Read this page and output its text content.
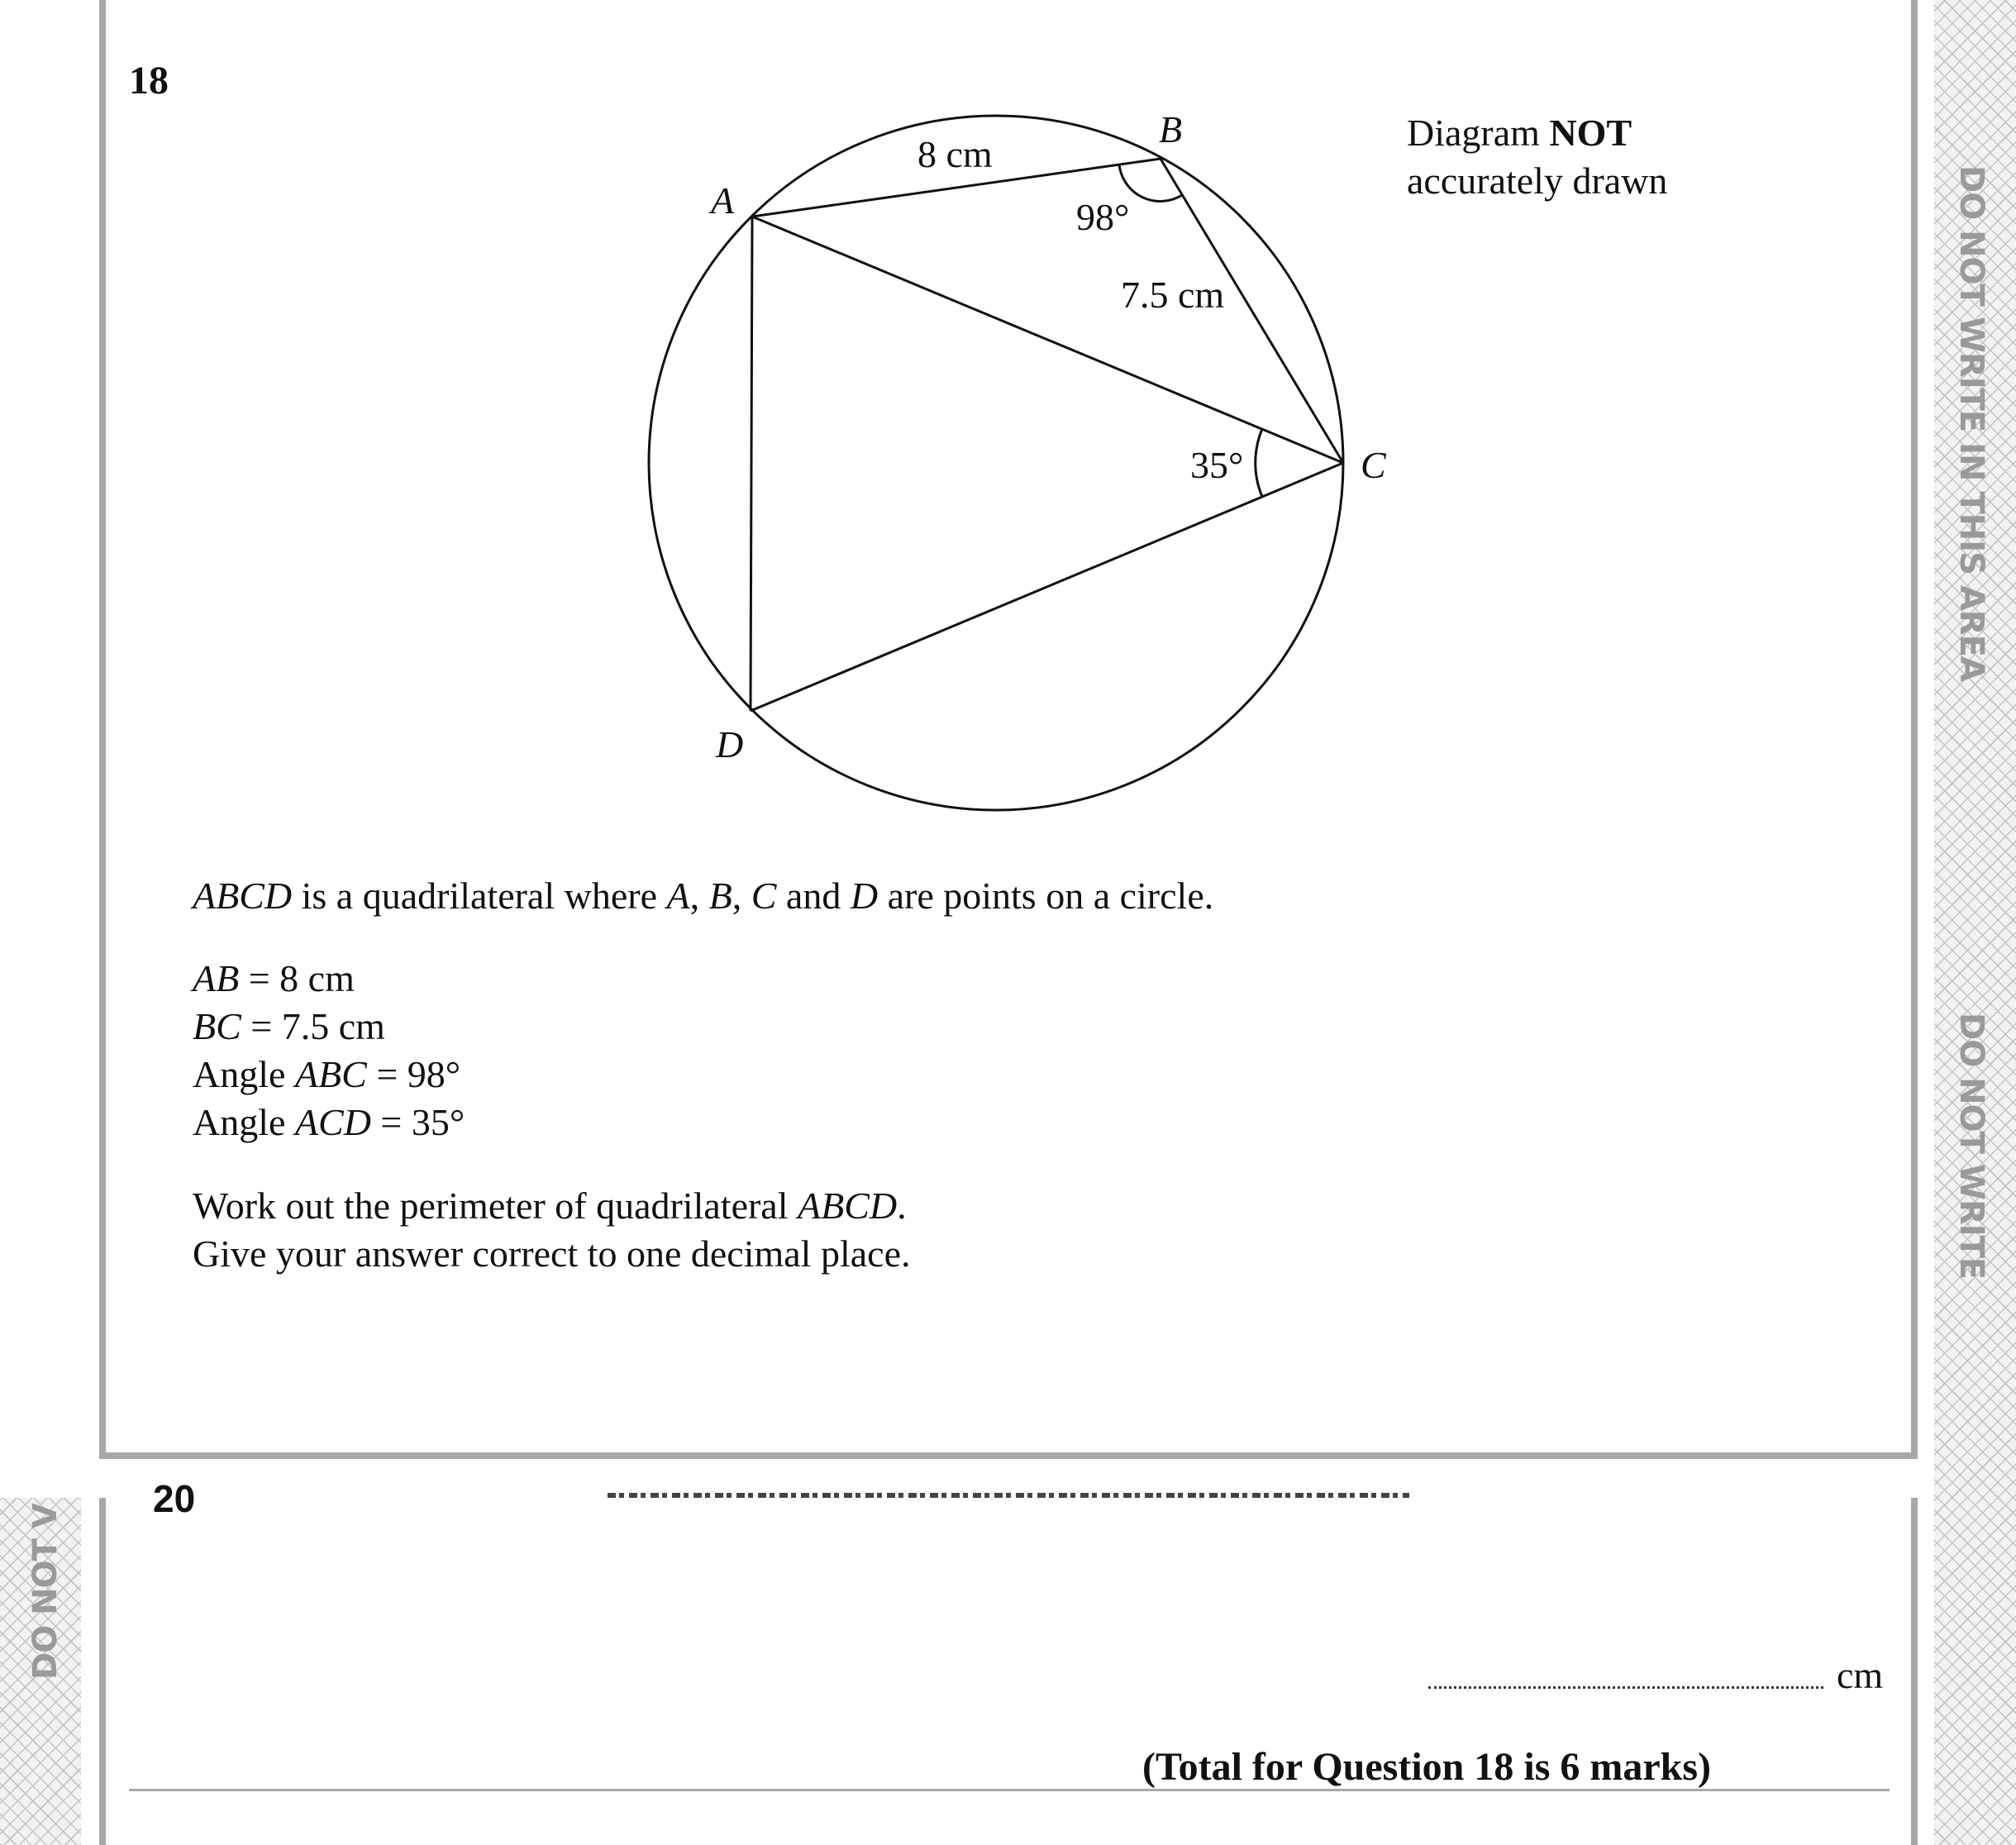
DO NOT WRITE IN THIS AREA
DO NOT WRITE
DO NOT V
18
Diagram NOT
accurately drawn
A
B
C
D
8 cm
98°
7.5 cm
35°
ABCD is a quadrilateral where A, B, C and D are points on a circle.
AB = 8 cm
BC = 7.5 cm
Angle ABC = 98°
Angle ACD = 35°
Work out the perimeter of quadrilateral ABCD.
Give your answer correct to one decimal place.
20
cm
(Total for Question 18 is 6 marks)
